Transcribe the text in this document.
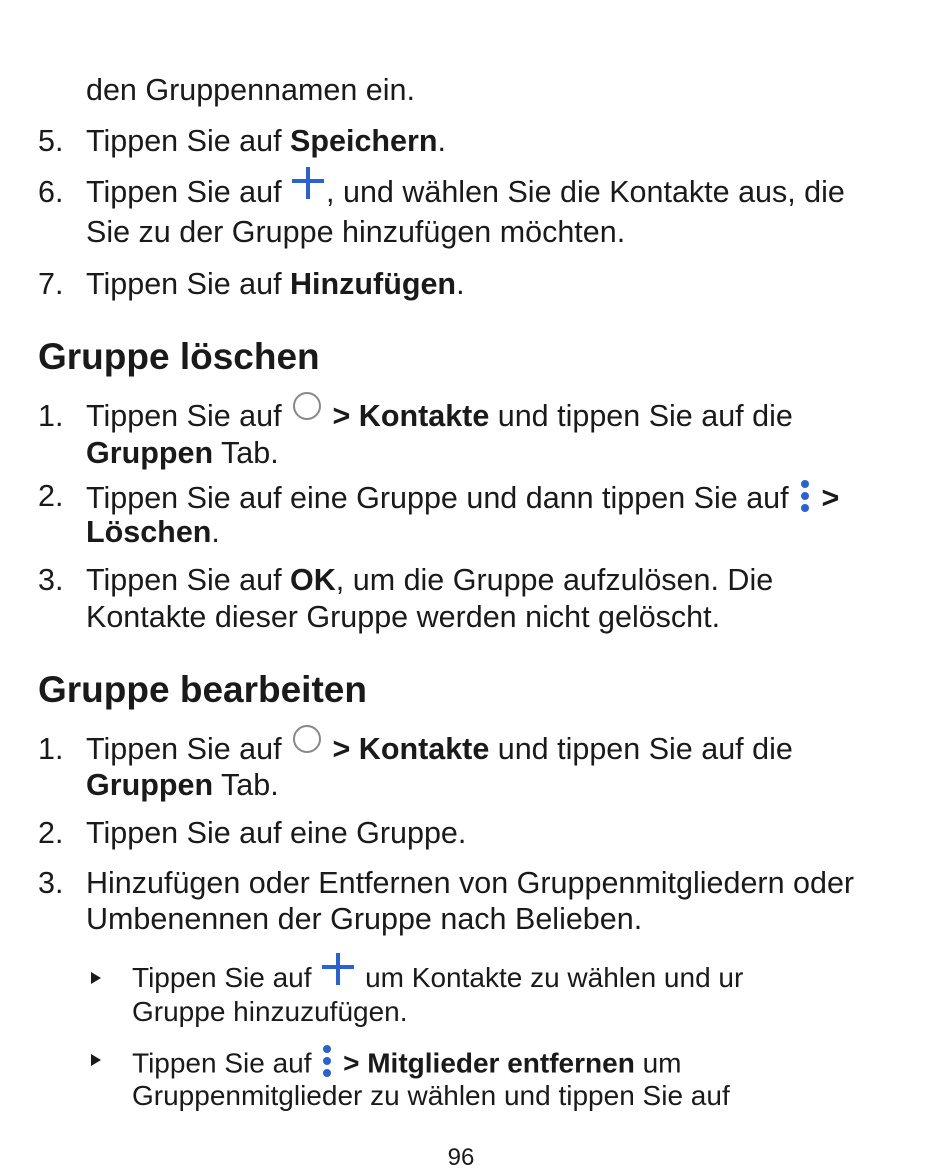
den Gruppennamen ein.
5. Tippen Sie auf Speichern.
6. Tippen Sie auf , und wählen Sie die Kontakte aus, die
Sie zu der Gruppe hinzufügen möchten.
7. Tippen Sie auf Hinzufügen.
Gruppe löschen
1. Tippen Sie auf  > Kontakte und tippen Sie auf die
Gruppen Tab.
2. Tippen Sie auf eine Gruppe und dann tippen Sie auf  >
Löschen.
3. Tippen Sie auf OK, um die Gruppe aufzulösen. Die
Kontakte dieser Gruppe werden nicht gelöscht.
Gruppe bearbeiten
1. Tippen Sie auf  > Kontakte und tippen Sie auf die
Gruppen Tab.
2. Tippen Sie auf eine Gruppe.
3. Hinzufügen oder Entfernen von Gruppenmitgliedern oder
Umbenennen der Gruppe nach Belieben.
Tippen Sie auf  um Kontakte zu wählen und ur
Gruppe hinzuzufügen.
Tippen Sie auf  > Mitglieder entfernen um
Gruppenmitglieder zu wählen und tippen Sie auf
96
